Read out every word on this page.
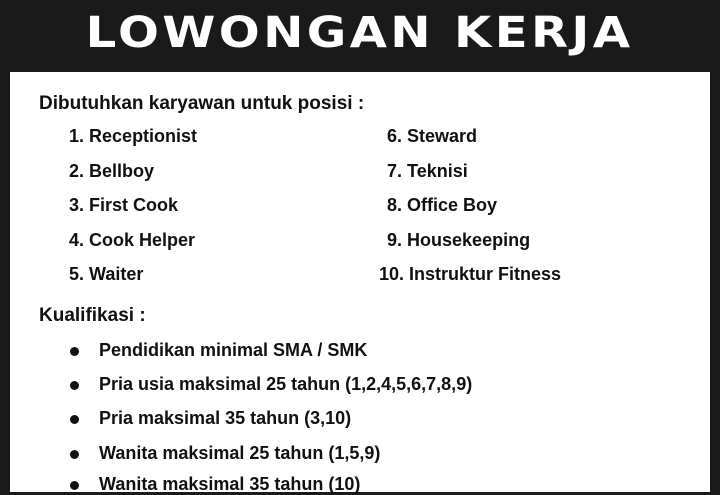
LOWONGAN KERJA
Dibutuhkan karyawan untuk posisi :
1. Receptionist
2. Bellboy
3. First Cook
4. Cook Helper
5. Waiter
6. Steward
7. Teknisi
8. Office Boy
9. Housekeeping
10. Instruktur Fitness
Kualifikasi :
Pendidikan minimal SMA / SMK
Pria usia maksimal 25 tahun (1,2,4,5,6,7,8,9)
Pria maksimal 35 tahun (3,10)
Wanita maksimal 25 tahun (1,5,9)
Wanita maksimal 35 tahun (10)
